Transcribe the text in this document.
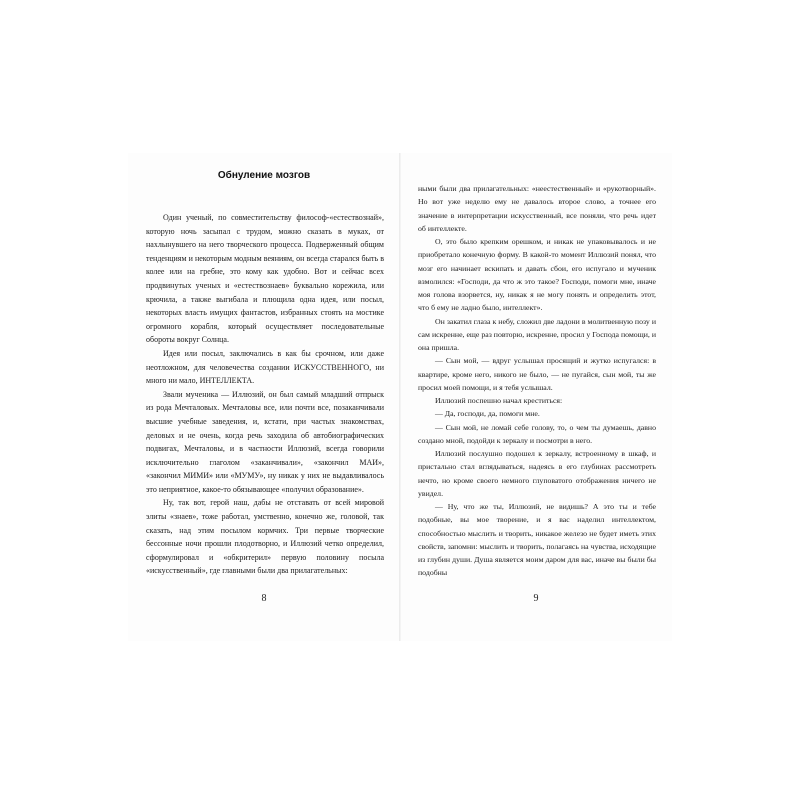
Обнуление мозгов

Один ученый, по совместительству философ-«естествознай», которую ночь засыпал с трудом, можно сказать в муках, от нахлынувшего на него творческого процесса. Подверженный общим тенденциям и некоторым модным веяниям, он всегда старался быть в колее или на гребне, это кому как удобно. Вот и сейчас всех продвинутых ученых и «естествознаев» буквально корежила, или крючила, а также выгибала и плющила одна идея, или посыл, некоторых власть имущих фантастов, избранных стоять на мостике огромного корабля, который осуществляет последовательные обороты вокруг Солнца.

Идея или посыл, заключались в как бы срочном, или даже неотложном, для человечества создании ИСКУССТВЕННОГО, ни много ни мало, ИНТЕЛЛЕКТА.

Звали мученика — Иллюзий, он был самый младший отпрыск из рода Мечталовых. Мечталовы все, или почти все, позаканчивали высшие учебные заведения, и, кстати, при частых знакомствах, деловых и не очень, когда речь заходила об автобиографических подвигах, Мечталовы, и в частности Иллюзий, всегда говорили исключительно глаголом «заканчивали», «закончил МАИ», «закончил МИМИ» или «МУМУ», ну никак у них не выдавливалось это неприятное, какое-то обязывающее «получил образование».

Ну, так вот, герой наш, дабы не отставать от всей мировой элиты «знаев», тоже работал, умственно, конечно же, головой, так сказать, над этим посылом кормчих. Три первые творческие бессонные ночи прошли плодотворно, и Иллюзий четко определил, сформулировал и «обкритерил» первую половину посыла «искусственный», где главными были два прилагательных:

8

ными были два прилагательных: «неестественный» и «рукотворный». Но вот уже неделю ему не давалось второе слово, а точнее его значение в интерпретации искусственный, все поняли, что речь идет об интеллекте.

О, это было крепким орешком, и никак не упаковывалось и не приобретало конечную форму. В какой-то момент Иллюзий понял, что мозг его начинает вскипать и давать сбои, его испугало и мученик взмолился: «Господи, да что ж это такое? Господи, помоги мне, иначе моя голова взорвется, ну, никак я не могу понять и определить этот, что б ему не ладно было, интеллект».

Он закатил глаза к небу, сложил две ладони в молитвенную позу и сам искренне, еще раз повторю, искренне, просил у Господа помощи, и она пришла.

— Сын мой, — вдруг услышал просящий и жутко испугался: в квартире, кроме него, никого не было, — не пугайся, сын мой, ты же просил моей помощи, и я тебя услышал.

Иллюзий поспешно начал креститься:

— Да, господи, да, помоги мне.

— Сын мой, не ломай себе голову, то, о чем ты думаешь, давно создано мной, подойди к зеркалу и посмотри в него.

Иллюзий послушно подошел к зеркалу, встроенному в шкаф, и пристально стал вглядываться, надеясь в его глубинах рассмотреть нечто, но кроме своего немного глуповатого отображения ничего не увидел.

— Ну, что же ты, Иллюзий, не видишь? А это ты и тебе подобные, вы мое творение, и я вас наделил интеллектом, способностью мыслить и творить, никакое железо не будет иметь этих свойств, запомни: мыслить и творить, полагаясь на чувства, исходящие из глубин души. Душа является моим даром для вас, иначе вы были бы подобны

9
